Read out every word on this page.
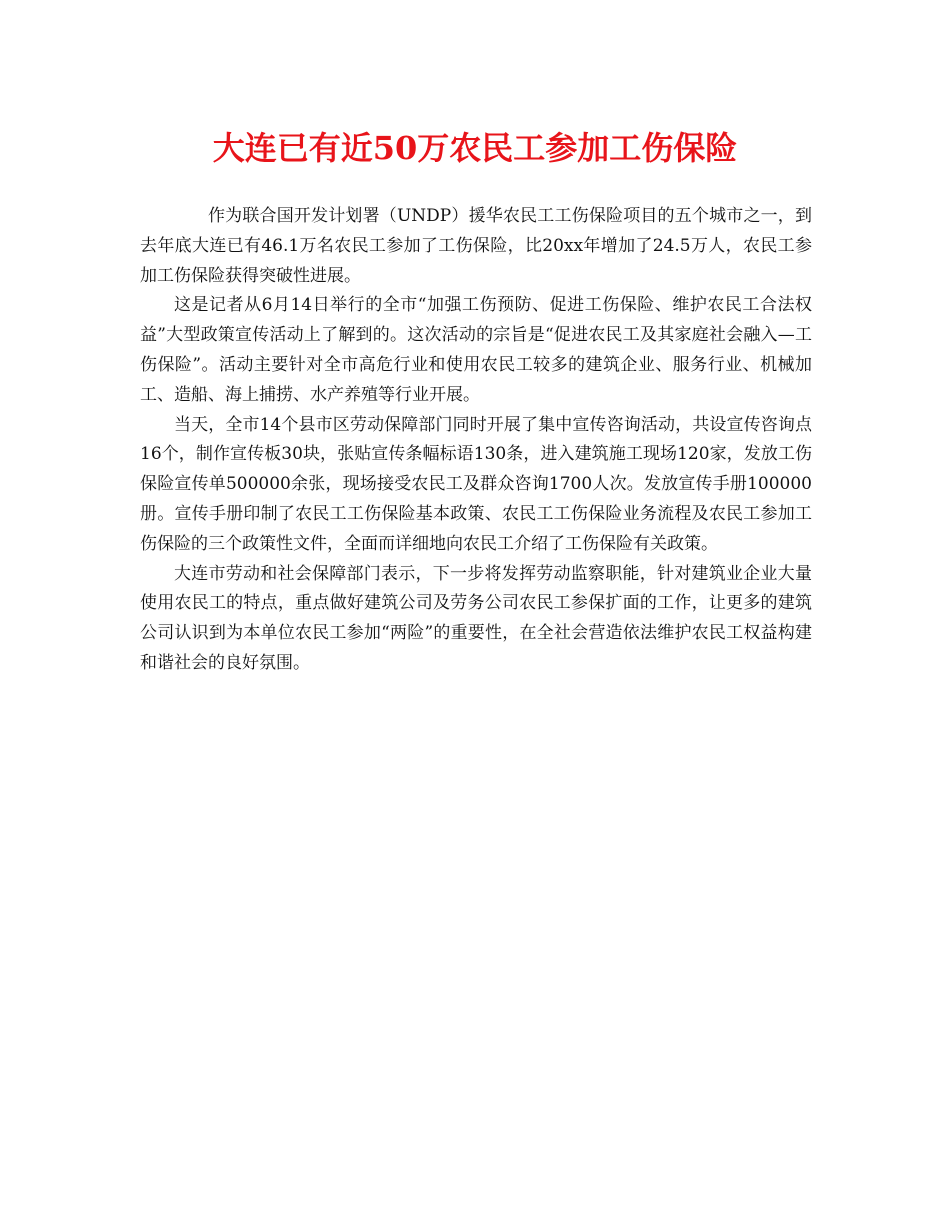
大连已有近50万农民工参加工伤保险

作为联合国开发计划署（UNDP）援华农民工工伤保险项目的五个城市之一，到去年底大连已有46.1万名农民工参加了工伤保险，比20xx年增加了24.5万人，农民工参加工伤保险获得突破性进展。

这是记者从6月14日举行的全市“加强工伤预防、促进工伤保险、维护农民工合法权益”大型政策宣传活动上了解到的。这次活动的宗旨是“促进农民工及其家庭社会融入—工伤保险”。活动主要针对全市高危行业和使用农民工较多的建筑企业、服务行业、机械加工、造船、海上捕捞、水产养殖等行业开展。

当天，全市14个县市区劳动保障部门同时开展了集中宣传咨询活动，共设宣传咨询点16个，制作宣传板30块，张贴宣传条幅标语130条，进入建筑施工现场120家，发放工伤保险宣传单500000余张，现场接受农民工及群众咨询1700人次。发放宣传手册100000册。宣传手册印制了农民工工伤保险基本政策、农民工工伤保险业务流程及农民工参加工伤保险的三个政策性文件，全面而详细地向农民工介绍了工伤保险有关政策。

大连市劳动和社会保障部门表示，下一步将发挥劳动监察职能，针对建筑业企业大量使用农民工的特点，重点做好建筑公司及劳务公司农民工参保扩面的工作，让更多的建筑公司认识到为本单位农民工参加“两险”的重要性，在全社会营造依法维护农民工权益构建和谐社会的良好氛围。
